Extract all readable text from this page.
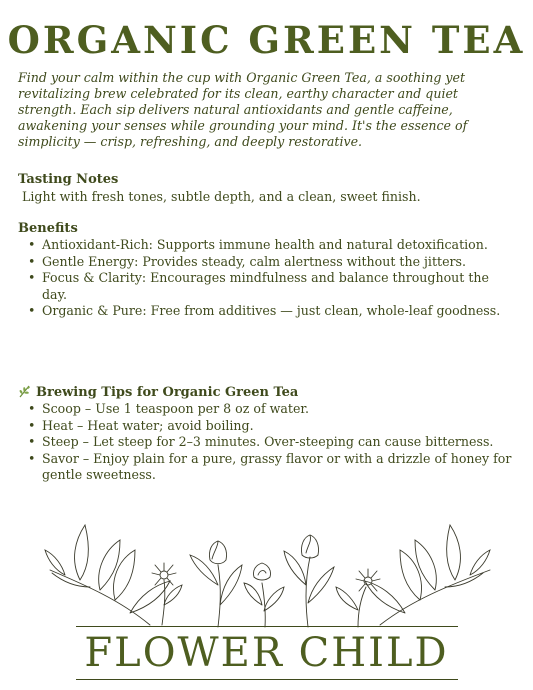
ORGANIC GREEN TEA
Find your calm within the cup with Organic Green Tea, a soothing yet revitalizing brew celebrated for its clean, earthy character and quiet strength. Each sip delivers natural antioxidants and gentle caffeine, awakening your senses while grounding your mind. It's the essence of simplicity — crisp, refreshing, and deeply restorative.
Tasting Notes
Light with fresh tones, subtle depth, and a clean, sweet finish.
Benefits
• Antioxidant-Rich: Supports immune health and natural detoxification.
• Gentle Energy: Provides steady, calm alertness without the jitters.
• Focus & Clarity: Encourages mindfulness and balance throughout the day.
• Organic & Pure: Free from additives — just clean, whole-leaf goodness.
Brewing Tips for Organic Green Tea
• Scoop – Use 1 teaspoon per 8 oz of water.
• Heat – Heat water; avoid boiling.
• Steep – Let steep for 2–3 minutes. Over-steeping can cause bitterness.
• Savor – Enjoy plain for a pure, grassy flavor or with a drizzle of honey for gentle sweetness.
FLOWER CHILD
